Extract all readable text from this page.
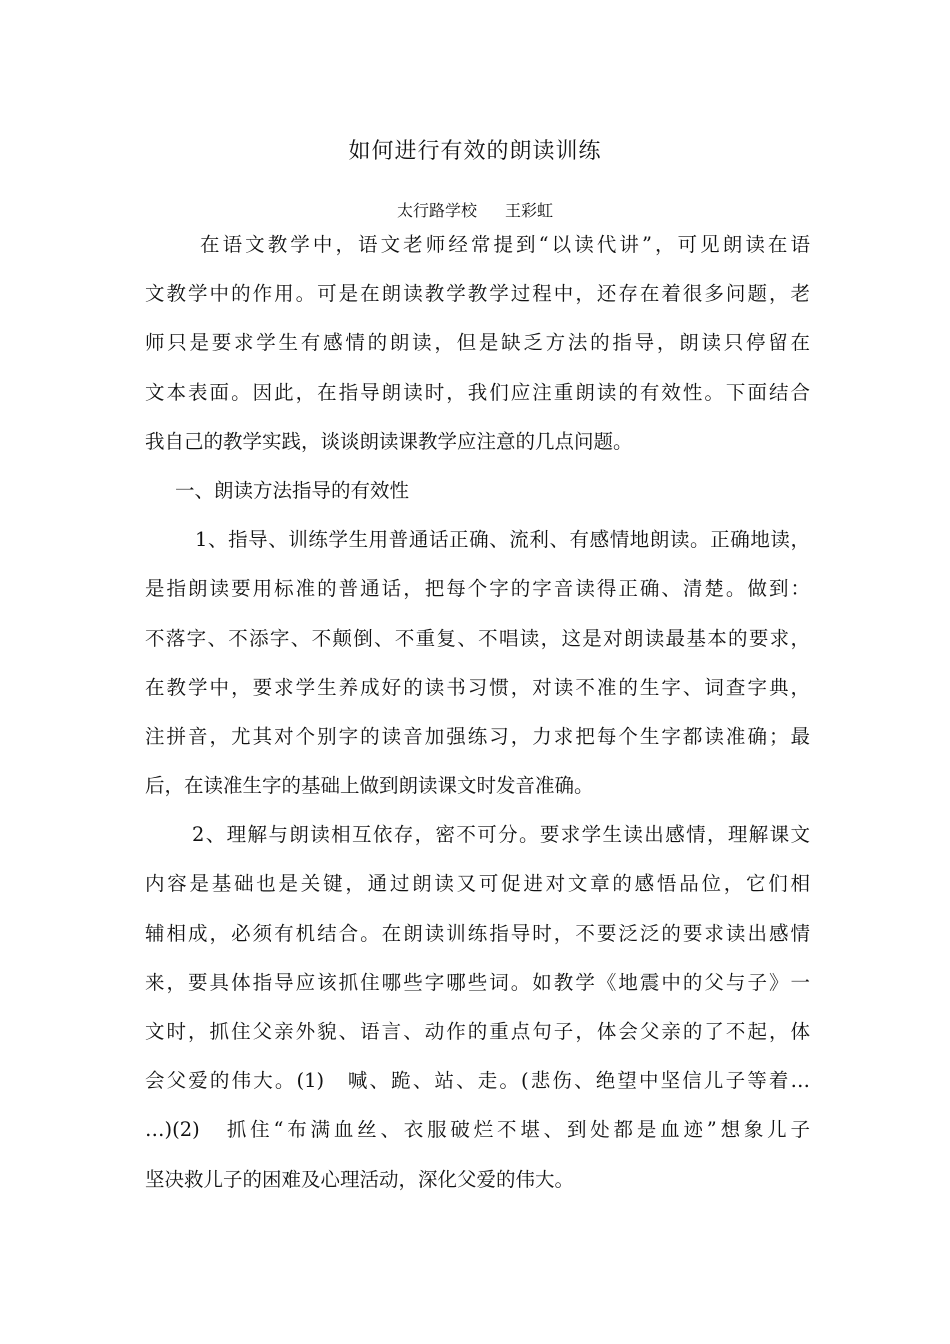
如何进行有效的朗读训练
太行路学校 王彩虹
在语文教学中，语文老师经常提到“以读代讲”，可见朗读在语
文教学中的作用。可是在朗读教学教学过程中，还存在着很多问题，老
师只是要求学生有感情的朗读，但是缺乏方法的指导，朗读只停留在
文本表面。因此，在指导朗读时，我们应注重朗读的有效性。下面结合
我自己的教学实践，谈谈朗读课教学应注意的几点问题。
一、朗读方法指导的有效性
1、指导、训练学生用普通话正确、流利、有感情地朗读。正确地读，
是指朗读要用标准的普通话，把每个字的字音读得正确、清楚。做到：
不落字、不添字、不颠倒、不重复、不唱读，这是对朗读最基本的要求，
在教学中，要求学生养成好的读书习惯，对读不准的生字、词查字典，
注拼音，尤其对个别字的读音加强练习，力求把每个生字都读准确；最
后，在读准生字的基础上做到朗读课文时发音准确。
2、理解与朗读相互依存，密不可分。要求学生读出感情，理解课文
内容是基础也是关键，通过朗读又可促进对文章的感悟品位，它们相
辅相成，必须有机结合。在朗读训练指导时，不要泛泛的要求读出感情
来，要具体指导应该抓住哪些字哪些词。如教学《地震中的父与子》一
文时，抓住父亲外貌、语言、动作的重点句子，体会父亲的了不起，体
会父爱的伟大。(1)　喊、跪、站、走。(悲伤、绝望中坚信儿子等着…
…)(2)　抓住“布满血丝、衣服破烂不堪、到处都是血迹”想象儿子
坚决救儿子的困难及心理活动，深化父爱的伟大。
